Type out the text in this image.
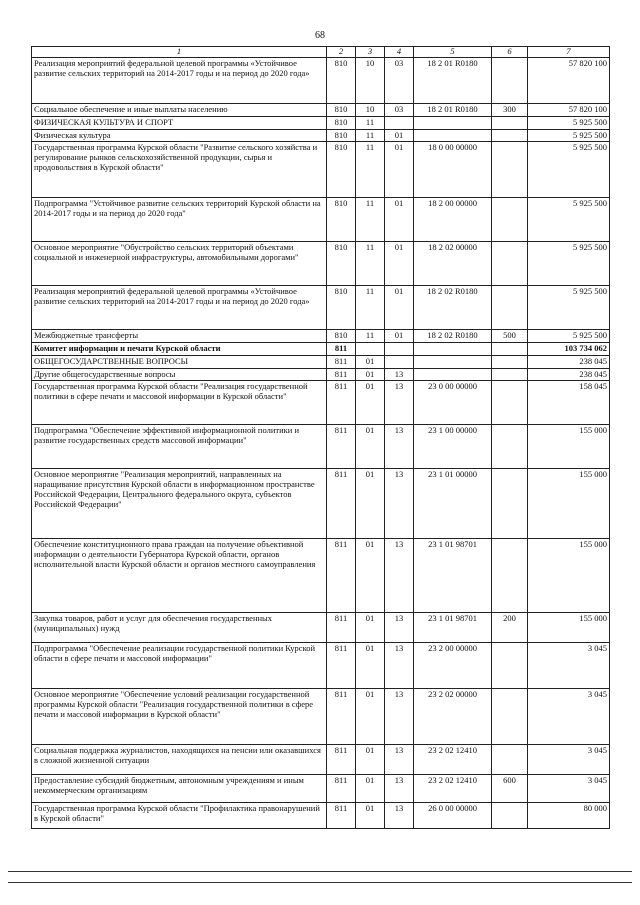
68
1	2	3	4	5	6	7
Реализация мероприятий федеральной целевой программы «Устойчивое развитие сельских территорий на 2014-2017 годы и на период до 2020 года»	810	10	03	18 2 01 R0180		57 820 100
Социальное обеспечение и иные выплаты населению	810	10	03	18 2 01 R0180	300	57 820 100
ФИЗИЧЕСКАЯ КУЛЬТУРА И СПОРТ	810	11				5 925 500
Физическая культура	810	11	01			5 925 500
Государственная программа Курской области "Развитие сельского хозяйства и регулирование рынков сельскохозяйственной продукции, сырья и продовольствия в Курской области"	810	11	01	18 0 00 00000		5 925 500
Подпрограмма "Устойчивое развитие сельских территорий Курской области на 2014-2017 годы и на период до 2020 года"	810	11	01	18 2 00 00000		5 925 500
Основное мероприятие "Обустройство сельских территорий объектами социальной и инженерной инфраструктуры, автомобильными дорогами"	810	11	01	18 2 02 00000		5 925 500
Реализация мероприятий федеральной целевой программы «Устойчивое развитие сельских территорий на 2014-2017 годы и на период до 2020 года»	810	11	01	18 2 02 R0180		5 925 500
Межбюджетные трансферты	810	11	01	18 2 02 R0180	500	5 925 500
Комитет информации и печати Курской области	811					103 734 062
ОБЩЕГОСУДАРСТВЕННЫЕ ВОПРОСЫ	811	01				238 045
Другие общегосударственные вопросы	811	01	13			238 045
Государственная программа Курской области "Реализация государственной политики в сфере печати и массовой информации в Курской области"	811	01	13	23 0 00 00000		158 045
Подпрограмма "Обеспечение эффективной информационной политики и развитие государственных средств массовой информации"	811	01	13	23 1 00 00000		155 000
Основное мероприятие "Реализация мероприятий, направленных на наращивание присутствия Курской области в информационном пространстве Российской Федерации, Центрального федерального округа, субъектов Российской Федерации"	811	01	13	23 1 01 00000		155 000
Обеспечение конституционного права граждан на получение объективной информации о деятельности Губернатора Курской области, органов исполнительной власти Курской области и органов местного самоуправления	811	01	13	23 1 01 98701		155 000
Закупка товаров, работ и услуг для обеспечения государственных (муниципальных) нужд	811	01	13	23 1 01 98701	200	155 000
Подпрограмма "Обеспечение реализации государственной политики Курской области в сфере печати и массовой информации"	811	01	13	23 2 00 00000		3 045
Основное мероприятие "Обеспечение условий реализации государственной программы Курской области "Реализация государственной политики в сфере печати и массовой информации в Курской области"	811	01	13	23 2 02 00000		3 045
Социальная поддержка журналистов, находящихся на пенсии или оказавшихся в сложной жизненной ситуации	811	01	13	23 2 02 12410		3 045
Предоставление субсидий бюджетным, автономным учреждениям и иным некоммерческим организациям	811	01	13	23 2 02 12410	600	3 045
Государственная программа Курской области "Профилактика правонарушений в Курской области"	811	01	13	26 0 00 00000		80 000
